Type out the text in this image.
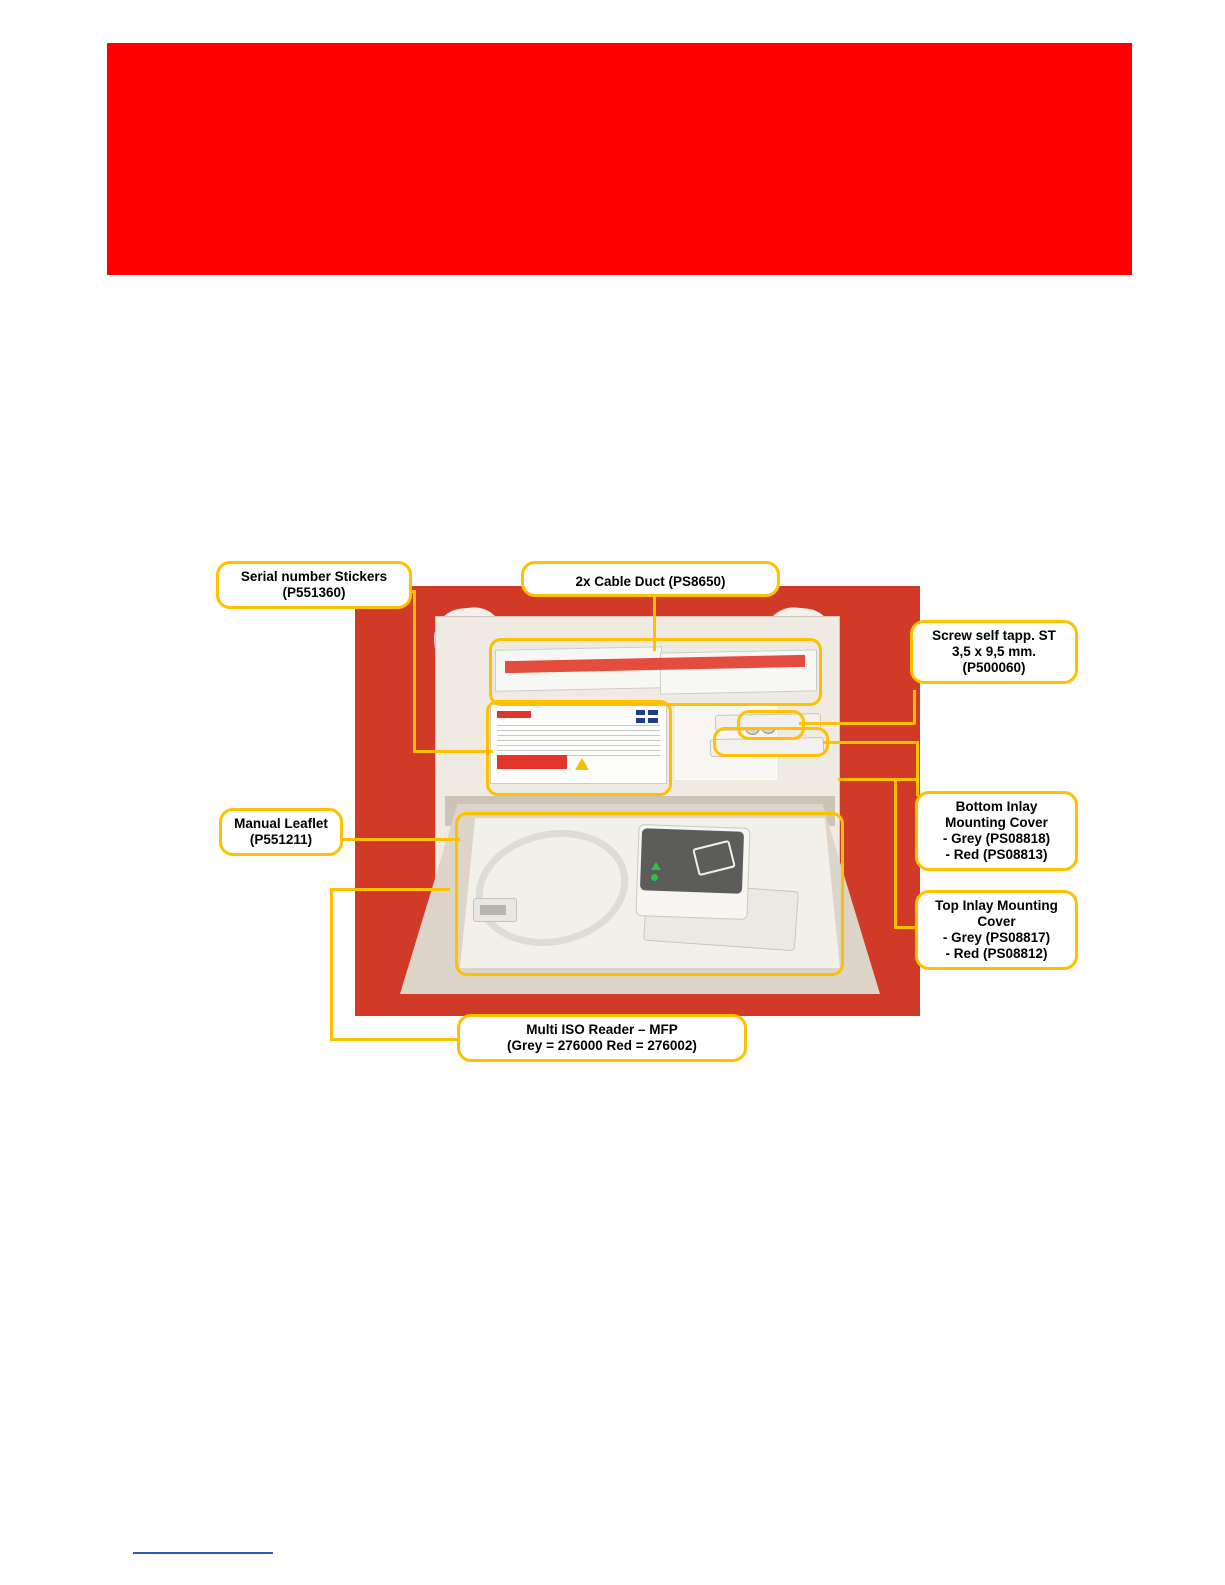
Serial number Stickers
(P551360)
2x Cable Duct (PS8650)
Screw self tapp. ST
3,5 x 9,5 mm.
(P500060)
Manual Leaflet
(P551211)
Bottom Inlay
Mounting Cover
- Grey (PS08818)
- Red (PS08813)
Top Inlay Mounting
Cover
- Grey (PS08817)
- Red (PS08812)
Multi ISO Reader – MFP
(Grey = 276000 Red = 276002)
